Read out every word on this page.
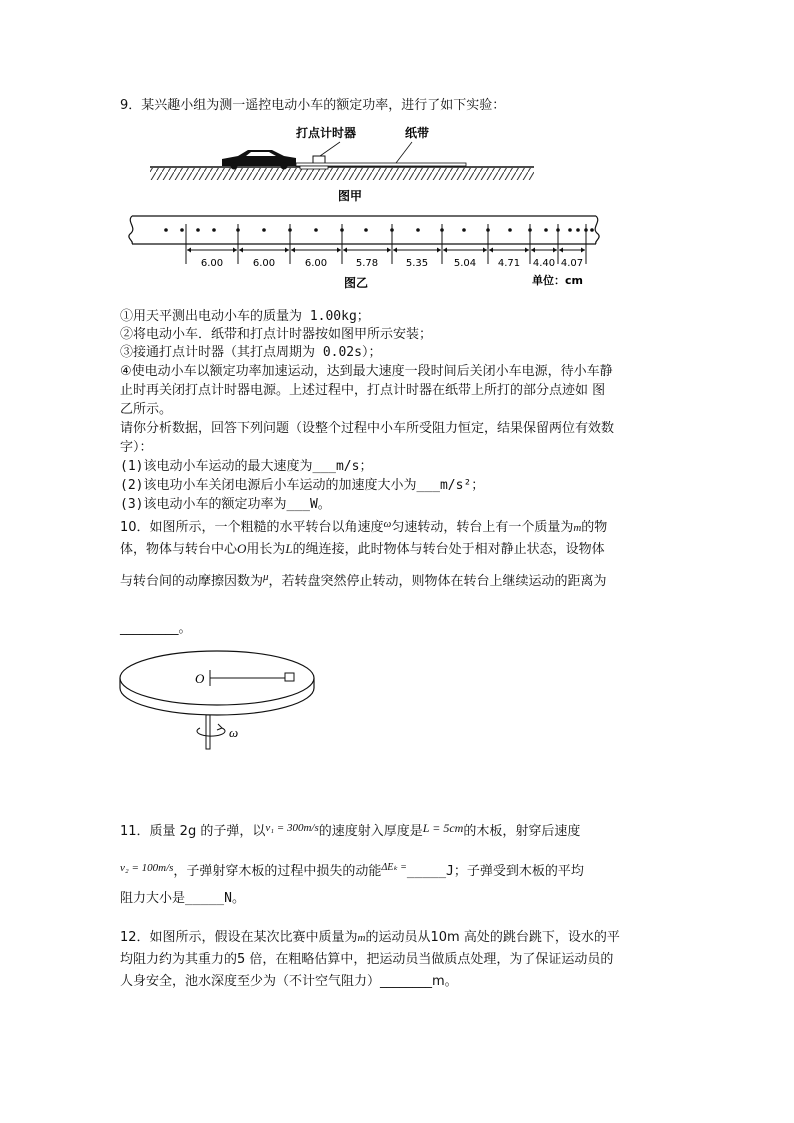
9．某兴趣小组为测一遥控电动小车的额定功率，进行了如下实验：
打点计时器	纸带
图甲
6.00	6.00	6.00	5.78	5.35	5.04 4.71 4.40 4.07
图乙	单位：cm
①用天平测出电动小车的质量为 1.00kg；
②将电动小车．纸带和打点计时器按如图甲所示安装；
③接通打点计时器（其打点周期为 0.02s）；
④使电动小车以额定功率加速运动，达到最大速度一段时间后关闭小车电源，待小车静
止时再关闭打点计时器电源。上述过程中，打点计时器在纸带上所打的部分点迹如 图
乙所示。
请你分析数据，回答下列问题（设整个过程中小车所受阻力恒定，结果保留两位有效数
字）：
(1)该电动小车运动的最大速度为___m/s；
(2)该电功小车关闭电源后小车运动的加速度大小为___m/s²；
(3)该电动小车的额定功率为___W。
10．如图所示，一个粗糙的水平转台以角速度$^\omega$匀速转动，转台上有一个质量为m的物
体，物体与转台中心O用长为L的绳连接，此时物体与转台处于相对静止状态，设物体
与转台间的动摩擦因数为$^\mu$，若转盘突然停止转动，则物体在转台上继续运动的距离为
_________。
O
ω
11．质量 2g 的子弹，以$^{v_1 = 300m/s}$的速度射入厚度是L = 5cm的木板，射穿后速度
$^{v_2 = 100m/s}$，子弹射穿木板的过程中损失的动能$^{\Delta E_k =}$_____J；子弹受到木板的平均
阻力大小是_____N。
12．如图所示，假设在某次比赛中质量为m的运动员从10m 高处的跳台跳下，设水的平
均阻力约为其重力的5 倍，在粗略估算中，把运动员当做质点处理，为了保证运动员的
人身安全，池水深度至少为（不计空气阻力）________m。
